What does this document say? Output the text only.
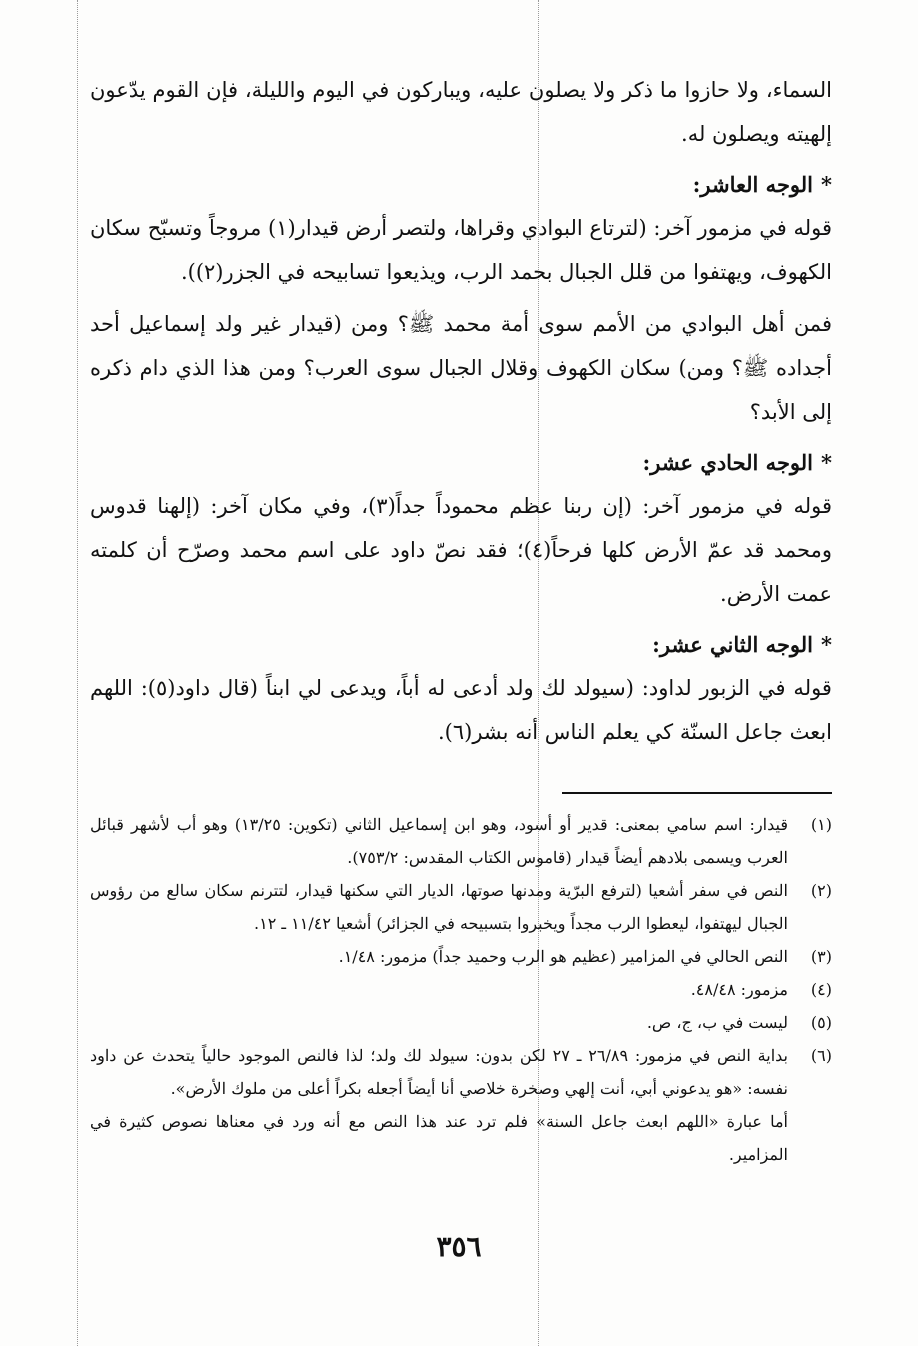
السماء، ولا حازوا ما ذكر ولا يصلون عليه، ويباركون في اليوم والليلة، فإن القوم يدّعون إلهيته ويصلون له.

*الوجه العاشر:

قوله في مزمور آخر: (لترتاع البوادي وقراها، ولتصر أرض قيدار(١) مروجاً وتسبّح سكان الكهوف، ويهتفوا من قلل الجبال بحمد الرب، ويذيعوا تسابيحه في الجزر(٢)).

فمن أهل البوادي من الأمم سوى أمة محمد ﷺ؟ ومن (قيدار غير ولد إسماعيل أحد أجداده ﷺ؟ ومن) سكان الكهوف وقلال الجبال سوى العرب؟ ومن هذا الذي دام ذكره إلى الأبد؟

*الوجه الحادي عشر:

قوله في مزمور آخر: (إن ربنا عظم محموداً جداً(٣)، وفي مكان آخر: (إلهنا قدوس ومحمد قد عمّ الأرض كلها فرحاً(٤)؛ فقد نصّ داود على اسم محمد وصرّح أن كلمته عمت الأرض.

*الوجه الثاني عشر:

قوله في الزبور لداود: (سيولد لك ولد أدعى له أباً، ويدعى لي ابناً (قال داود(٥): اللهم ابعث جاعل السنّة كي يعلم الناس أنه بشر(٦).

(١)
قيدار: اسم سامي بمعنى: قدير أو أسود، وهو ابن إسماعيل الثاني (تكوين: ١٣/٢٥) وهو أب لأشهر قبائل العرب ويسمى بلادهم أيضاً قيدار (قاموس الكتاب المقدس: ٧٥٣/٢).
(٢)
النص في سفر أشعيا (لترفع البرّية ومدنها صوتها، الديار التي سكنها قيدار، لتترنم سكان سالع من رؤوس الجبال ليهتفوا، ليعطوا الرب مجداً ويخبروا بتسبيحه في الجزائر) أشعيا ١١/٤٢ ـ ١٢.
(٣)
النص الحالي في المزامير (عظيم هو الرب وحميد جداً) مزمور: ١/٤٨.
(٤)
مزمور: ٤٨/٤٨.
(٥)
ليست في ب، ج، ص.
(٦)
بداية النص في مزمور: ٢٦/٨٩ ـ ٢٧ لكن بدون: سيولد لك ولد؛ لذا فالنص الموجود حالياً يتحدث عن داود نفسه: «هو يدعوني أبي، أنت إلهي وصخرة خلاصي أنا أيضاً أجعله بكراً أعلى من ملوك الأرض».

أما عبارة «اللهم ابعث جاعل السنة» فلم ترد عند هذا النص مع أنه ورد في معناها نصوص كثيرة في المزامير.

٣٥٦
